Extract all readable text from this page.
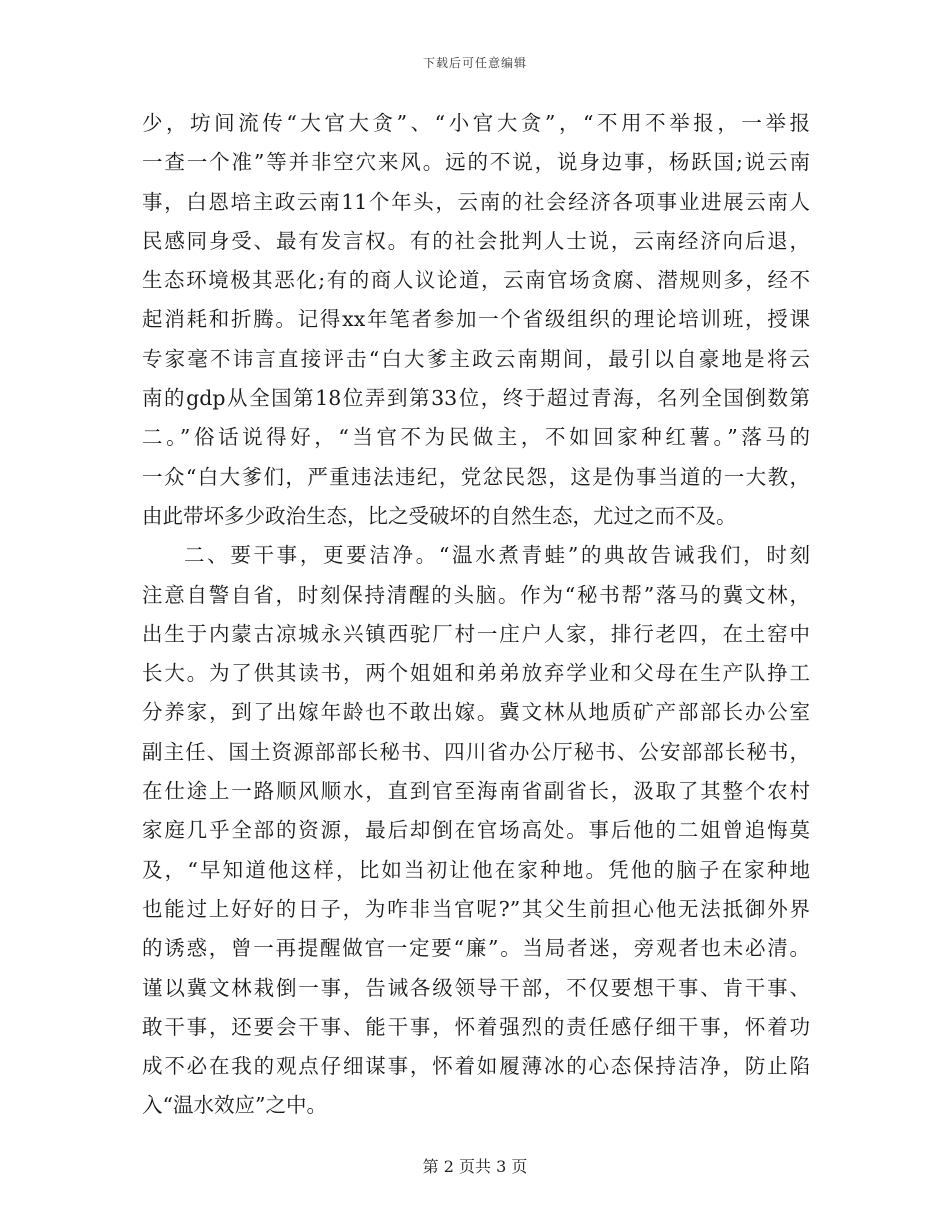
下载后可任意编辑
少，坊间流传“大官大贪”、“小官大贪”，“不用不举报，一举报
一查一个准”等并非空穴来风。远的不说，说身边事，杨跃国;说云南
事，白恩培主政云南11个年头，云南的社会经济各项事业进展云南人
民感同身受、最有发言权。有的社会批判人士说，云南经济向后退，
生态环境极其恶化;有的商人议论道，云南官场贪腐、潜规则多，经不
起消耗和折腾。记得xx年笔者参加一个省级组织的理论培训班，授课
专家毫不讳言直接评击“白大爹主政云南期间，最引以自豪地是将云
南的gdp从全国第18位弄到第33位，终于超过青海，名列全国倒数第
二。”俗话说得好，“当官不为民做主，不如回家种红薯。”落马的
一众“白大爹们，严重违法违纪，党忿民怨，这是伪事当道的一大教，
由此带坏多少政治生态，比之受破坏的自然生态，尤过之而不及。
二、要干事，更要洁净。“温水煮青蛙”的典故告诫我们，时刻
注意自警自省，时刻保持清醒的头脑。作为“秘书帮”落马的冀文林，
出生于内蒙古凉城永兴镇西驼厂村一庄户人家，排行老四，在土窑中
长大。为了供其读书，两个姐姐和弟弟放弃学业和父母在生产队挣工
分养家，到了出嫁年龄也不敢出嫁。冀文林从地质矿产部部长办公室
副主任、国土资源部部长秘书、四川省办公厅秘书、公安部部长秘书，
在仕途上一路顺风顺水，直到官至海南省副省长，汲取了其整个农村
家庭几乎全部的资源，最后却倒在官场高处。事后他的二姐曾追悔莫
及，“早知道他这样，比如当初让他在家种地。凭他的脑子在家种地
也能过上好好的日子，为咋非当官呢?”其父生前担心他无法抵御外界
的诱惑，曾一再提醒做官一定要“廉”。当局者迷，旁观者也未必清。
谨以冀文林栽倒一事，告诫各级领导干部，不仅要想干事、肯干事、
敢干事，还要会干事、能干事，怀着强烈的责任感仔细干事，怀着功
成不必在我的观点仔细谋事，怀着如履薄冰的心态保持洁净，防止陷
入“温水效应”之中。
第 2 页共 3 页
